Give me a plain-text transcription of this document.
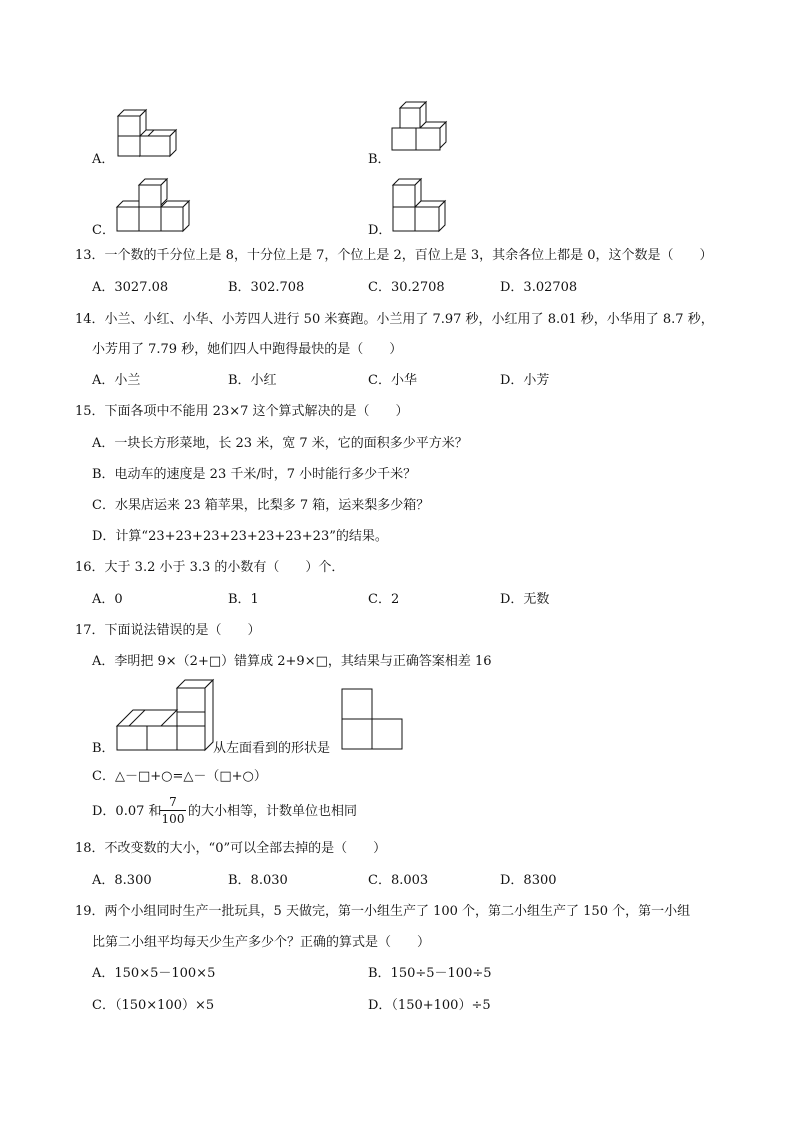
A．	B．
C．	D．
13．一个数的千分位上是 8，十分位上是 7，个位上是 2，百位上是 3，其余各位上都是 0，这个数是（　　）
A．3027.08	B．302.708	C．30.2708	D．3.02708
14．小兰、小红、小华、小芳四人进行 50 米赛跑。小兰用了 7.97 秒，小红用了 8.01 秒，小华用了 8.7 秒，
小芳用了 7.79 秒，她们四人中跑得最快的是（　　）
A．小兰	B．小红	C．小华	D．小芳
15．下面各项中不能用 23×7 这个算式解决的是（　　）
A．一块长方形菜地，长 23 米，宽 7 米，它的面积多少平方米？
B．电动车的速度是 23 千米/时，7 小时能行多少千米？
C．水果店运来 23 箱苹果，比梨多 7 箱，运来梨多少箱？
D．计算“23+23+23+23+23+23+23”的结果。
16．大于 3.2 小于 3.3 的小数有（　　）个．
A．0	B．1	C．2	D．无数
17．下面说法错误的是（　　）
A．李明把 9×（2+□）错算成 2+9×□，其结果与正确答案相差 16
B．	从左面看到的形状是
C．△－□+○=△－（□+○）
D．0.07 和
7
100 的大小相等，计数单位也相同
18．不改变数的大小，“0”可以全部去掉的是（　　）
A．8.300	B．8.030	C．8.003	D．8300
19．两个小组同时生产一批玩具，5 天做完，第一小组生产了 100 个，第二小组生产了 150 个，第一小组
比第二小组平均每天少生产多少个？正确的算式是（　　）
A．150×5－100×5	B．150÷5－100÷5
C．（150×100）×5	D．（150+100）÷5
